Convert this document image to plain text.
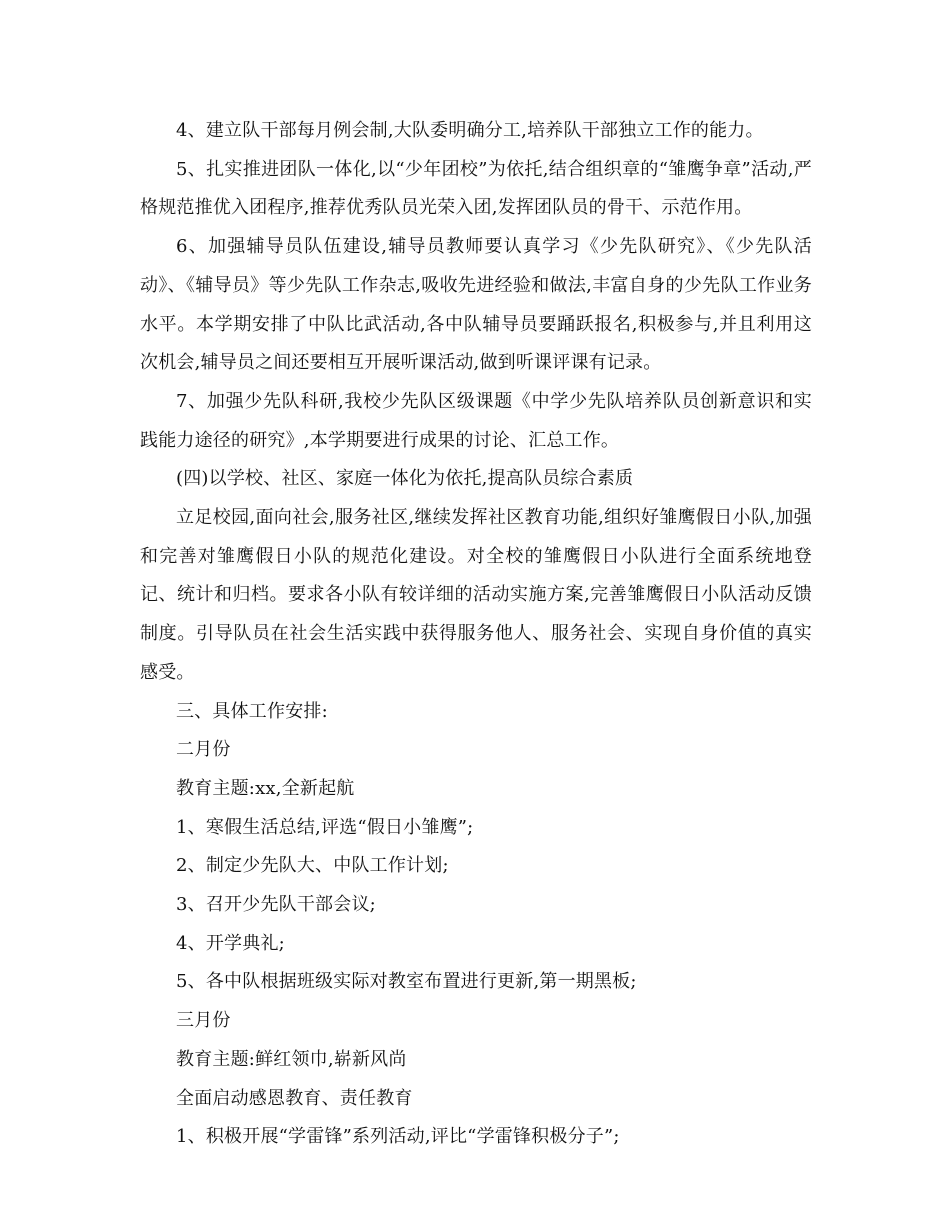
4、建立队干部每月例会制,大队委明确分工,培养队干部独立工作的能力。

5、扎实推进团队一体化,以“少年团校”为依托,结合组织章的“雏鹰争章”活动,严格规范推优入团程序,推荐优秀队员光荣入团,发挥团队员的骨干、示范作用。

6、加强辅导员队伍建设,辅导员教师要认真学习《少先队研究》、《少先队活动》、《辅导员》等少先队工作杂志,吸收先进经验和做法,丰富自身的少先队工作业务水平。本学期安排了中队比武活动,各中队辅导员要踊跃报名,积极参与,并且利用这次机会,辅导员之间还要相互开展听课活动,做到听课评课有记录。

7、加强少先队科研,我校少先队区级课题《中学少先队培养队员创新意识和实践能力途径的研究》,本学期要进行成果的讨论、汇总工作。

(四)以学校、社区、家庭一体化为依托,提高队员综合素质

立足校园,面向社会,服务社区,继续发挥社区教育功能,组织好雏鹰假日小队,加强和完善对雏鹰假日小队的规范化建设。对全校的雏鹰假日小队进行全面系统地登记、统计和归档。要求各小队有较详细的活动实施方案,完善雏鹰假日小队活动反馈制度。引导队员在社会生活实践中获得服务他人、服务社会、实现自身价值的真实感受。

三、具体工作安排:

二月份

教育主题:xx,全新起航

1、寒假生活总结,评选“假日小雏鹰”;

2、制定少先队大、中队工作计划;

3、召开少先队干部会议;

4、开学典礼;

5、各中队根据班级实际对教室布置进行更新,第一期黑板;

三月份

教育主题:鲜红领巾,崭新风尚

全面启动感恩教育、责任教育

1、积极开展“学雷锋”系列活动,评比“学雷锋积极分子”;
